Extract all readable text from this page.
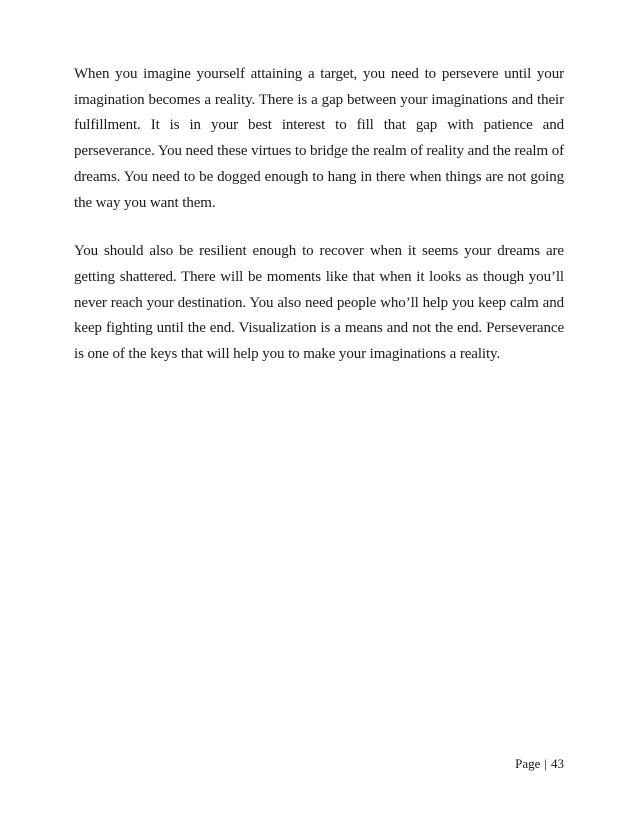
When you imagine yourself attaining a target, you need to persevere until your imagination becomes a reality. There is a gap between your imaginations and their fulfillment. It is in your best interest to fill that gap with patience and perseverance. You need these virtues to bridge the realm of reality and the realm of dreams. You need to be dogged enough to hang in there when things are not going the way you want them.

You should also be resilient enough to recover when it seems your dreams are getting shattered. There will be moments like that when it looks as though you’ll never reach your destination. You also need people who’ll help you keep calm and keep fighting until the end. Visualization is a means and not the end. Perseverance is one of the keys that will help you to make your imaginations a reality.

Page | 43
